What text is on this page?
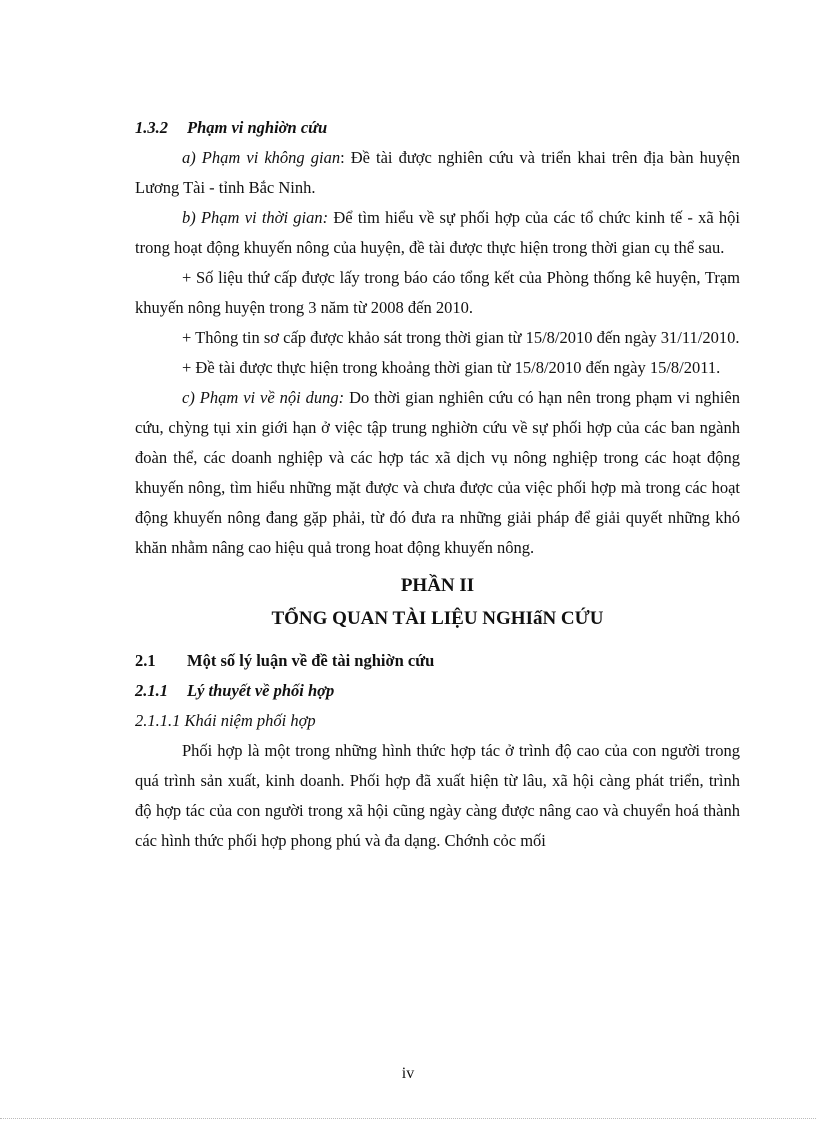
1.3.2 Phạm vi nghiờn cứu

a) Phạm vi không gian: Đề tài được nghiên cứu và triển khai trên địa bàn huyện Lương Tài - tỉnh Bắc Ninh.

b) Phạm vi thời gian: Để tìm hiểu về sự phối hợp của các tổ chức kinh tế - xã hội trong hoạt động khuyến nông của huyện, đề tài được thực hiện trong thời gian cụ thể sau.

+ Số liệu thứ cấp được lấy trong báo cáo tổng kết của Phòng thống kê huyện, Trạm khuyến nông huyện trong 3 năm từ 2008 đến 2010.

+ Thông tin sơ cấp được khảo sát trong thời gian từ 15/8/2010 đến ngày 31/11/2010.

+ Đề tài được thực hiện trong khoảng thời gian từ 15/8/2010 đến ngày 15/8/2011.

c) Phạm vi về nội dung: Do thời gian nghiên cứu có hạn nên trong phạm vi nghiên cứu, chỳng tụi xin giới hạn ở việc tập trung nghiờn cứu về sự phối hợp của các ban ngành đoàn thể, các doanh nghiệp và các hợp tác xã dịch vụ nông nghiệp trong các hoạt động khuyến nông, tìm hiểu những mặt được và chưa được của việc phối hợp mà trong các hoạt động khuyến nông đang gặp phải, từ đó đưa ra những giải pháp để giải quyết những khó khăn nhằm nâng cao hiệu quả trong hoat động khuyến nông.

PHẦN II

TỔNG QUAN TÀI LIỆU NGHIấN CỨU

2.1 Một số lý luận về đề tài nghiờn cứu

2.1.1 Lý thuyết về phối hợp

2.1.1.1 Khái niệm phối hợp

Phối hợp là một trong những hình thức hợp tác ở trình độ cao của con người trong quá trình sản xuất, kinh doanh. Phối hợp đã xuất hiện từ lâu, xã hội càng phát triển, trình độ hợp tác của con người trong xã hội cũng ngày càng được nâng cao và chuyển hoá thành các hình thức phối hợp phong phú và đa dạng. Chớnh cỏc mối

iv
